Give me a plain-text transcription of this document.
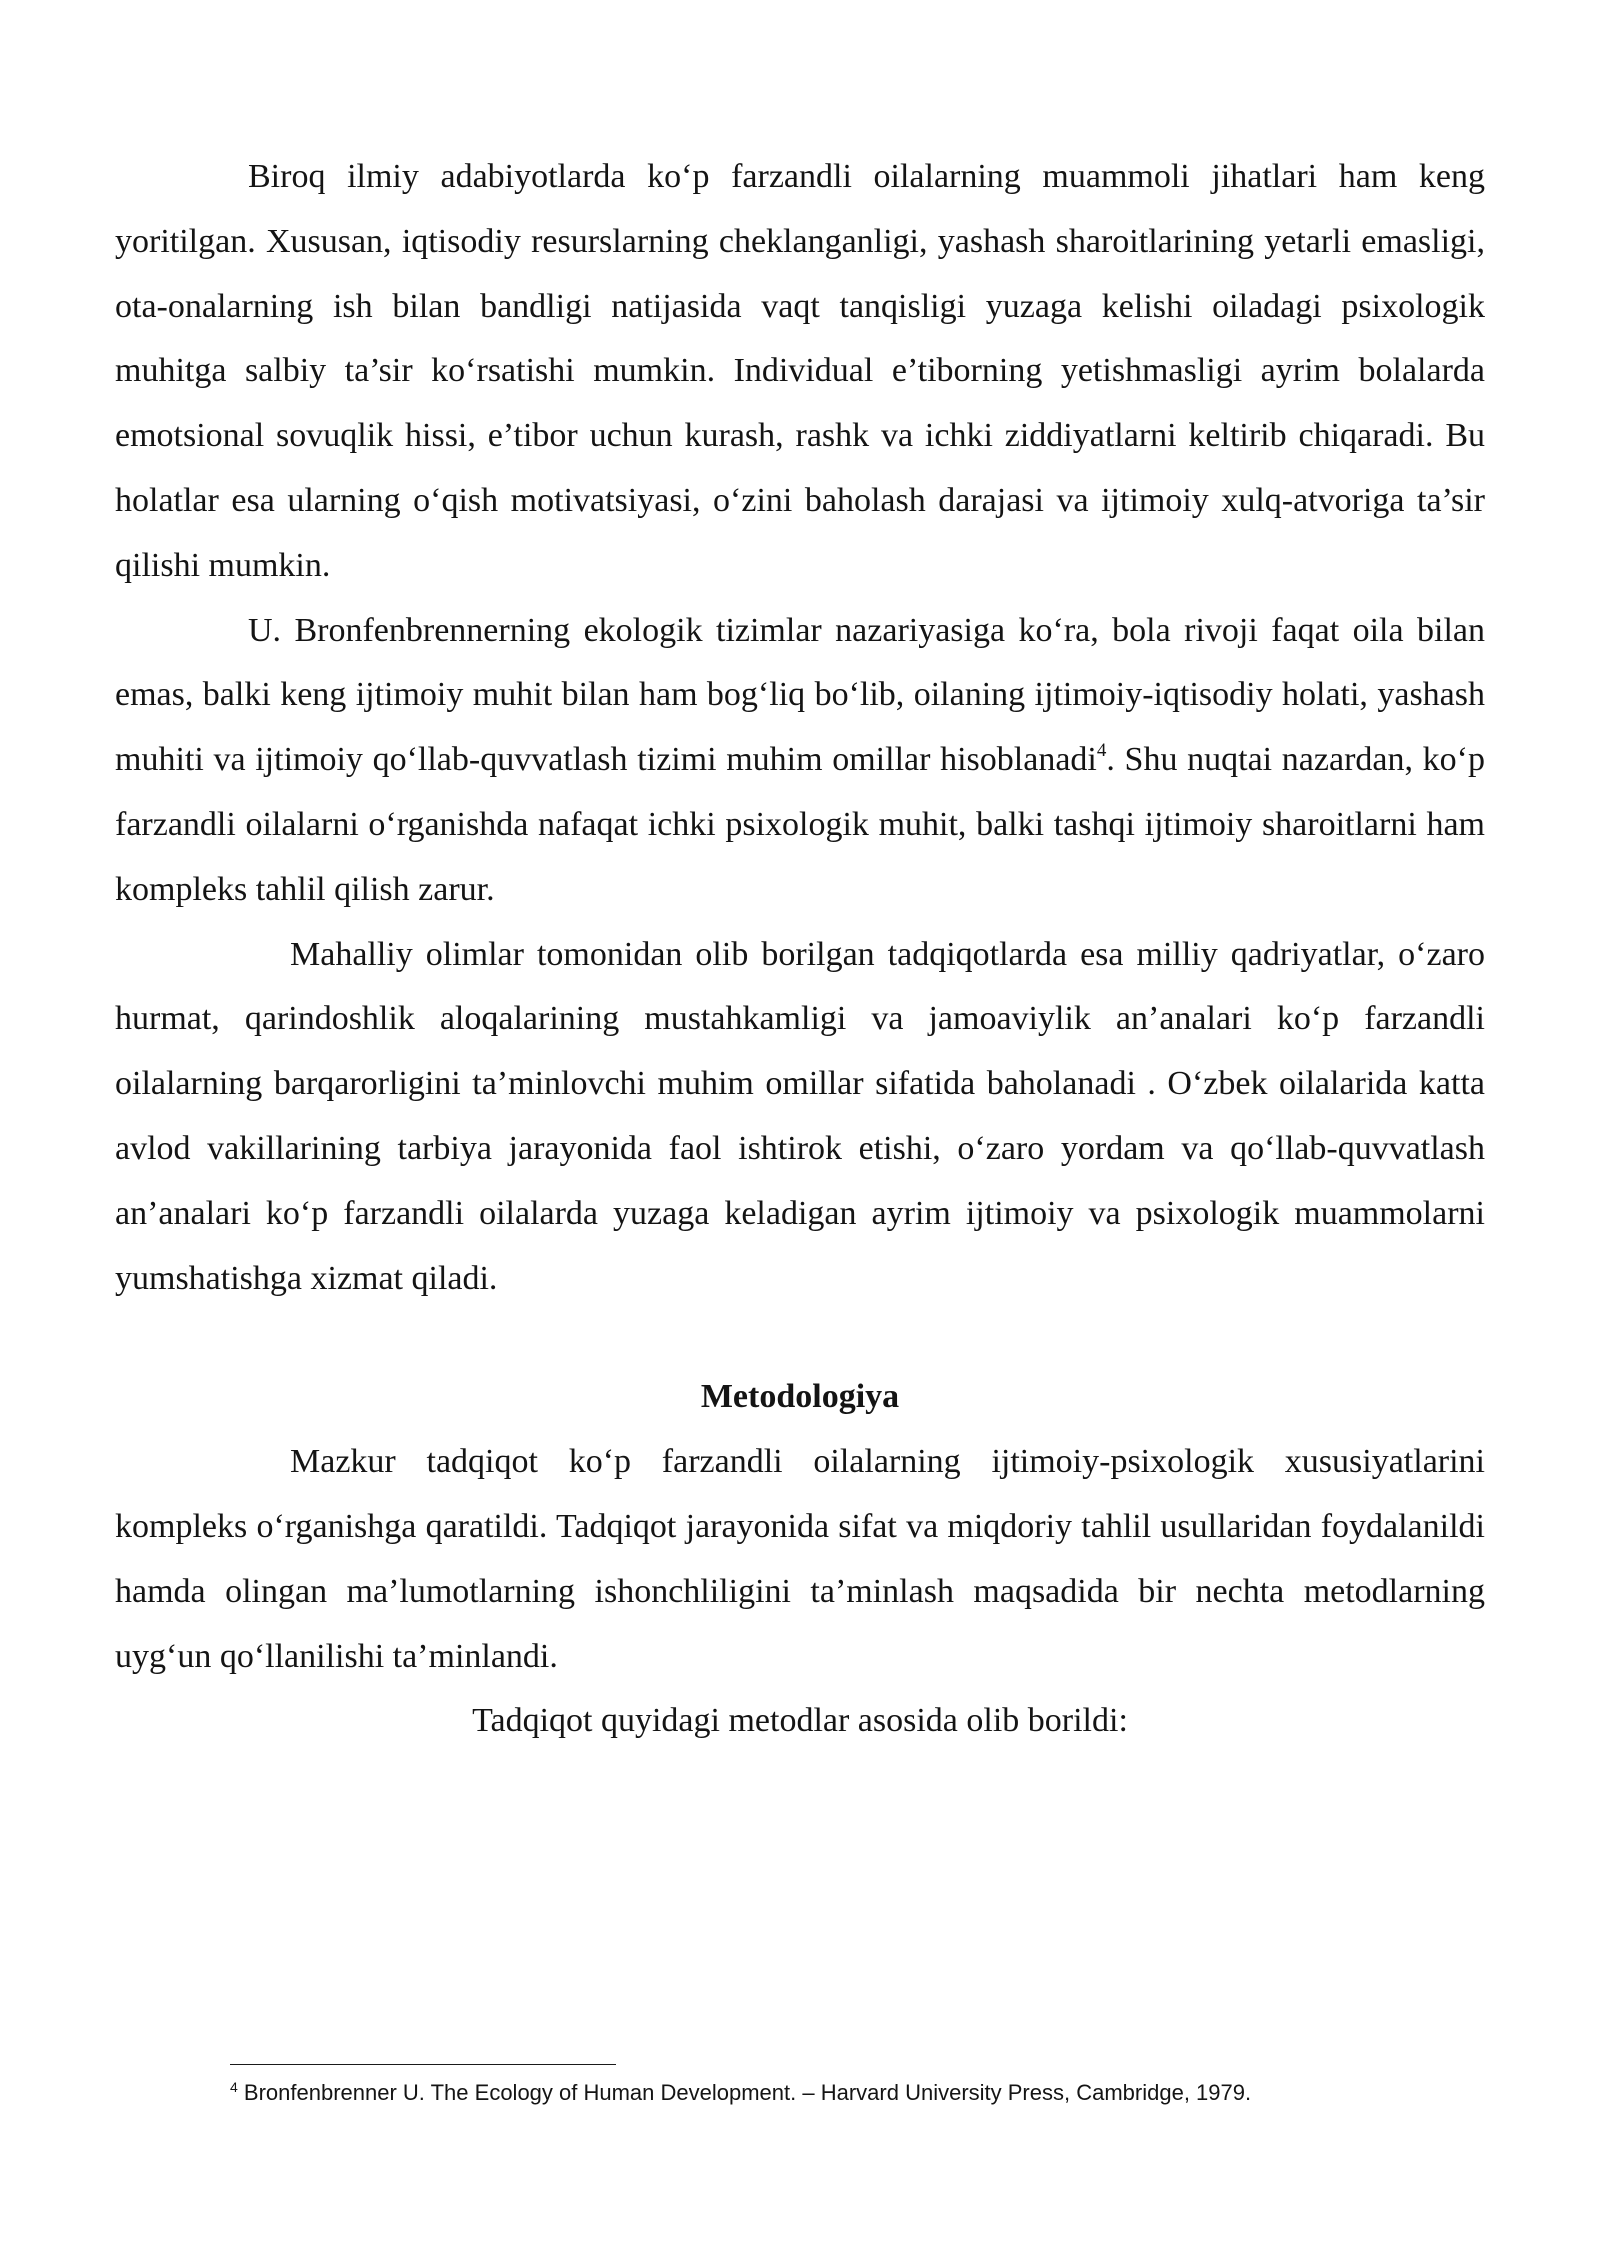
Biroq ilmiy adabiyotlarda ko‘p farzandli oilalarning muammoli jihatlari ham keng yoritilgan. Xususan, iqtisodiy resurslarning cheklanganligi, yashash sharoitlarining yetarli emasligi, ota-onalarning ish bilan bandligi natijasida vaqt tanqisligi yuzaga kelishi oiladagi psixologik muhitga salbiy ta’sir ko‘rsatishi mumkin. Individual e’tiborning yetishmasligi ayrim bolalarda emotsional sovuqlik hissi, e’tibor uchun kurash, rashk va ichki ziddiyatlarni keltirib chiqaradi. Bu holatlar esa ularning o‘qish motivatsiyasi, o‘zini baholash darajasi va ijtimoiy xulq-atvoriga ta’sir qilishi mumkin.

U. Bronfenbrennerning ekologik tizimlar nazariyasiga ko‘ra, bola rivoji faqat oila bilan emas, balki keng ijtimoiy muhit bilan ham bog‘liq bo‘lib, oilaning ijtimoiy-iqtisodiy holati, yashash muhiti va ijtimoiy qo‘llab-quvvatlash tizimi muhim omillar hisoblanadi$^4$. Shu nuqtai nazardan, ko‘p farzandli oilalarni o‘rganishda nafaqat ichki psixologik muhit, balki tashqi ijtimoiy sharoitlarni ham kompleks tahlil qilish zarur.

Mahalliy olimlar tomonidan olib borilgan tadqiqotlarda esa milliy qadriyatlar, o‘zaro hurmat, qarindoshlik aloqalarining mustahkamligi va jamoaviylik an’analari ko‘p farzandli oilalarning barqarorligini ta’minlovchi muhim omillar sifatida baholanadi . O‘zbek oilalarida katta avlod vakillarining tarbiya jarayonida faol ishtirok etishi, o‘zaro yordam va qo‘llab-quvvatlash an’analari ko‘p farzandli oilalarda yuzaga keladigan ayrim ijtimoiy va psixologik muammolarni yumshatishga xizmat qiladi.

Metodologiya

Mazkur tadqiqot ko‘p farzandli oilalarning ijtimoiy-psixologik xususiyatlarini kompleks o‘rganishga qaratildi. Tadqiqot jarayonida sifat va miqdoriy tahlil usullaridan foydalanildi hamda olingan ma’lumotlarning ishonchliligini ta’minlash maqsadida bir nechta metodlarning uyg‘un qo‘llanilishi ta’minlandi.

Tadqiqot quyidagi metodlar asosida olib borildi:

$^4$ Bronfenbrenner U. The Ecology of Human Development. – Harvard University Press, Cambridge, 1979.
